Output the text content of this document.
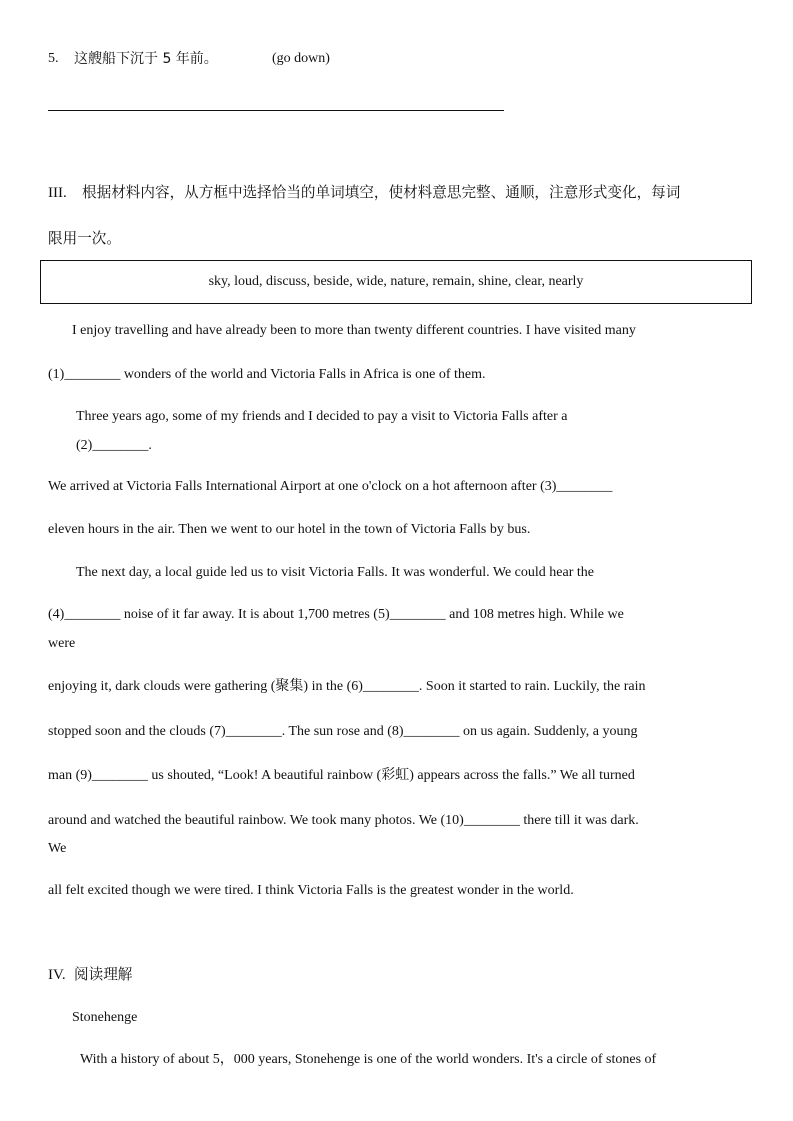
5. 这艘船下沉于 5 年前。	(go down)
III. 根据材料内容，从方框中选择恰当的单词填空，使材料意思完整、通顺，注意形式变化，每词
限用一次。
sky, loud, discuss, beside, wide, nature, remain, shine, clear, nearly
I enjoy travelling and have already been to more than twenty different countries. I have visited many
(1)________ wonders of the world and Victoria Falls in Africa is one of them.
Three years ago, some of my friends and I decided to pay a visit to Victoria Falls after a
(2)________.
We arrived at Victoria Falls International Airport at one o'clock on a hot afternoon after (3)________
eleven hours in the air. Then we went to our hotel in the town of Victoria Falls by bus.
The next day, a local guide led us to visit Victoria Falls. It was wonderful. We could hear the
(4)________ noise of it far away. It is about 1,700 metres (5)________ and 108 metres high. While we
were
enjoying it, dark clouds were gathering (聚集) in the (6)________. Soon it started to rain. Luckily, the rain
stopped soon and the clouds (7)________. The sun rose and (8)________ on us again. Suddenly, a young
man (9)________ us shouted, “Look! A beautiful rainbow (彩虹) appears across the falls.” We all turned
around and watched the beautiful rainbow. We took many photos. We (10)________ there till it was dark.
We
all felt excited though we were tired. I think Victoria Falls is the greatest wonder in the world.
IV. 阅读理解
Stonehenge
With a history of about 5，000 years, Stonehenge is one of the world wonders. It's a circle of stones of
